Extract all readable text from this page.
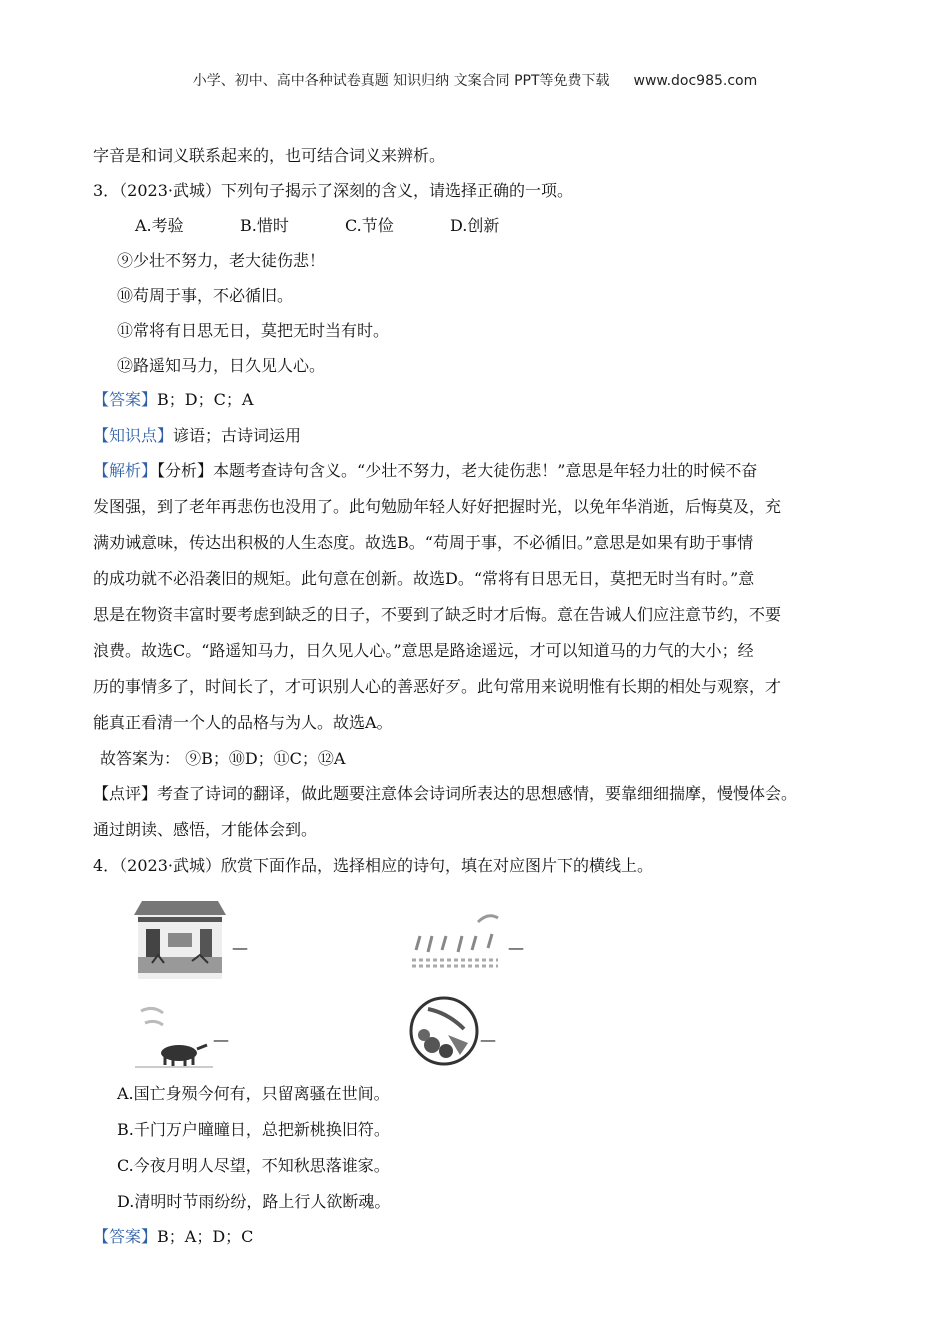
小学、初中、高中各种试卷真题 知识归纳 文案合同 PPT等免费下载 www.doc985.com
字音是和词义联系起来的，也可结合词义来辨析。
3．（2023·武城）下列句子揭示了深刻的含义，请选择正确的一项。
A.考验	B.惜时	C.节俭	D.创新
⑨少壮不努力，老大徒伤悲！
⑩苟周于事，不必循旧。
⑪常将有日思无日，莫把无时当有时。
⑫路遥知马力，日久见人心。
【答案】B；D；C；A
【知识点】谚语；古诗词运用
【解析】【分析】本题考查诗句含义。“少壮不努力，老大徒伤悲！”意思是年轻力壮的时候不奋
发图强，到了老年再悲伤也没用了。此句勉励年轻人好好把握时光，以免年华消逝，后悔莫及，充
满劝诫意味，传达出积极的人生态度。故选B。“苟周于事，不必循旧。”意思是如果有助于事情
的成功就不必沿袭旧的规矩。此句意在创新。故选D。“常将有日思无日，莫把无时当有时。”意
思是在物资丰富时要考虑到缺乏的日子，不要到了缺乏时才后悔。意在告诫人们应注意节约，不要
浪费。故选C。“路遥知马力，日久见人心。”意思是路途遥远，才可以知道马的力气的大小；经
历的事情多了，时间长了，才可识别人心的善恶好歹。此句常用来说明惟有长期的相处与观察，才
能真正看清一个人的品格与为人。故选A。
故答案为： ⑨B；⑩D；⑪C；⑫A
【点评】考查了诗词的翻译，做此题要注意体会诗词所表达的思想感情，要靠细细揣摩，慢慢体会。
通过朗读、感悟，才能体会到。
4．（2023·武城）欣赏下面作品，选择相应的诗句，填在对应图片下的横线上。
—	—
—	—
A.国亡身殒今何有，只留离骚在世间。
B.千门万户曈曈日，总把新桃换旧符。
C.今夜月明人尽望，不知秋思落谁家。
D.清明时节雨纷纷，路上行人欲断魂。
【答案】B；A；D；C
